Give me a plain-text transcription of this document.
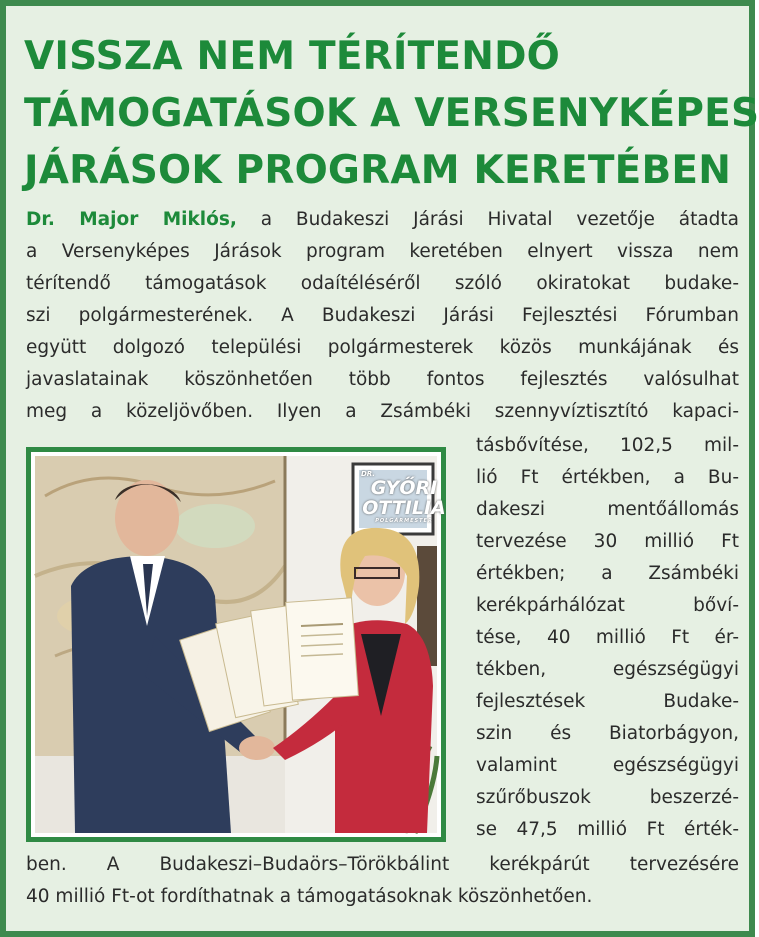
VISSZA NEM TÉRÍTENDŐ
TÁMOGATÁSOK A VERSENYKÉPES
JÁRÁSOK PROGRAM KERETÉBEN
Dr. Major Miklós, a Budakeszi Járási Hivatal vezetője átadta
a Versenyképes Járások program keretében elnyert vissza nem
térítendő támogatások odaítéléséről szóló okiratokat budake-
szi polgármesterének. A Budakeszi Járási Fejlesztési Fórumban
együtt dolgozó települési polgármesterek közös munkájának és
javaslatainak köszönhetően több fontos fejlesztés valósulhat
meg a közeljövőben. Ilyen a Zsámbéki szennyvíztisztító kapaci-
tásbővítése, 102,5 mil-
lió Ft értékben, a Bu-
dakeszi mentőállomás
tervezése 30 millió Ft
értékben; a Zsámbéki
kerékpárhálózat bőví-
tése, 40 millió Ft ér-
tékben, egészségügyi
fejlesztések Budake-
szin és Biatorbágyon,
valamint egészségügyi
szűrőbuszok beszerzé-
se 47,5 millió Ft érték-
ben. A Budakeszi–Budaörs–Törökbálint kerékpárút tervezésére
40 millió Ft-ot fordíthatnak a támogatásoknak köszönhetően.
DR.
GYŐRI
OTTILIA
POLGÁRMESTER
